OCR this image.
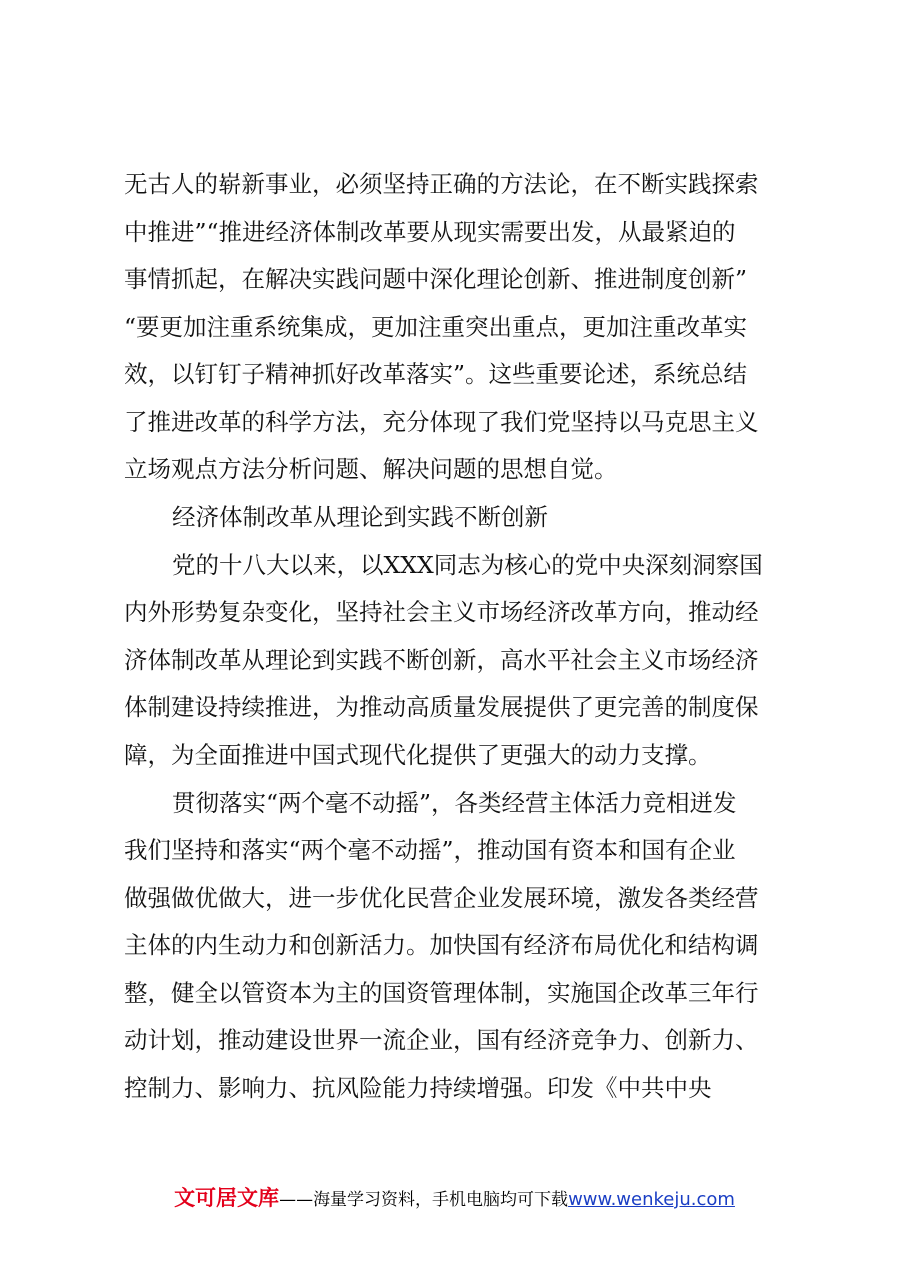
无古人的崭新事业，必须坚持正确的方法论，在不断实践探索
中推进”“推进经济体制改革要从现实需要出发，从最紧迫的
事情抓起，在解决实践问题中深化理论创新、推进制度创新”
“要更加注重系统集成，更加注重突出重点，更加注重改革实
效，以钉钉子精神抓好改革落实”。这些重要论述，系统总结
了推进改革的科学方法，充分体现了我们党坚持以马克思主义
立场观点方法分析问题、解决问题的思想自觉。
经济体制改革从理论到实践不断创新
党的十八大以来，以XXX同志为核心的党中央深刻洞察国
内外形势复杂变化，坚持社会主义市场经济改革方向，推动经
济体制改革从理论到实践不断创新，高水平社会主义市场经济
体制建设持续推进，为推动高质量发展提供了更完善的制度保
障，为全面推进中国式现代化提供了更强大的动力支撑。
贯彻落实“两个毫不动摇”，各类经营主体活力竞相迸发
我们坚持和落实“两个毫不动摇”，推动国有资本和国有企业
做强做优做大，进一步优化民营企业发展环境，激发各类经营
主体的内生动力和创新活力。加快国有经济布局优化和结构调
整，健全以管资本为主的国资管理体制，实施国企改革三年行
动计划，推动建设世界一流企业，国有经济竞争力、创新力、
控制力、影响力、抗风险能力持续增强。印发《中共中央
文可居文库——海量学习资料，手机电脑均可下载www.wenkeju.com
